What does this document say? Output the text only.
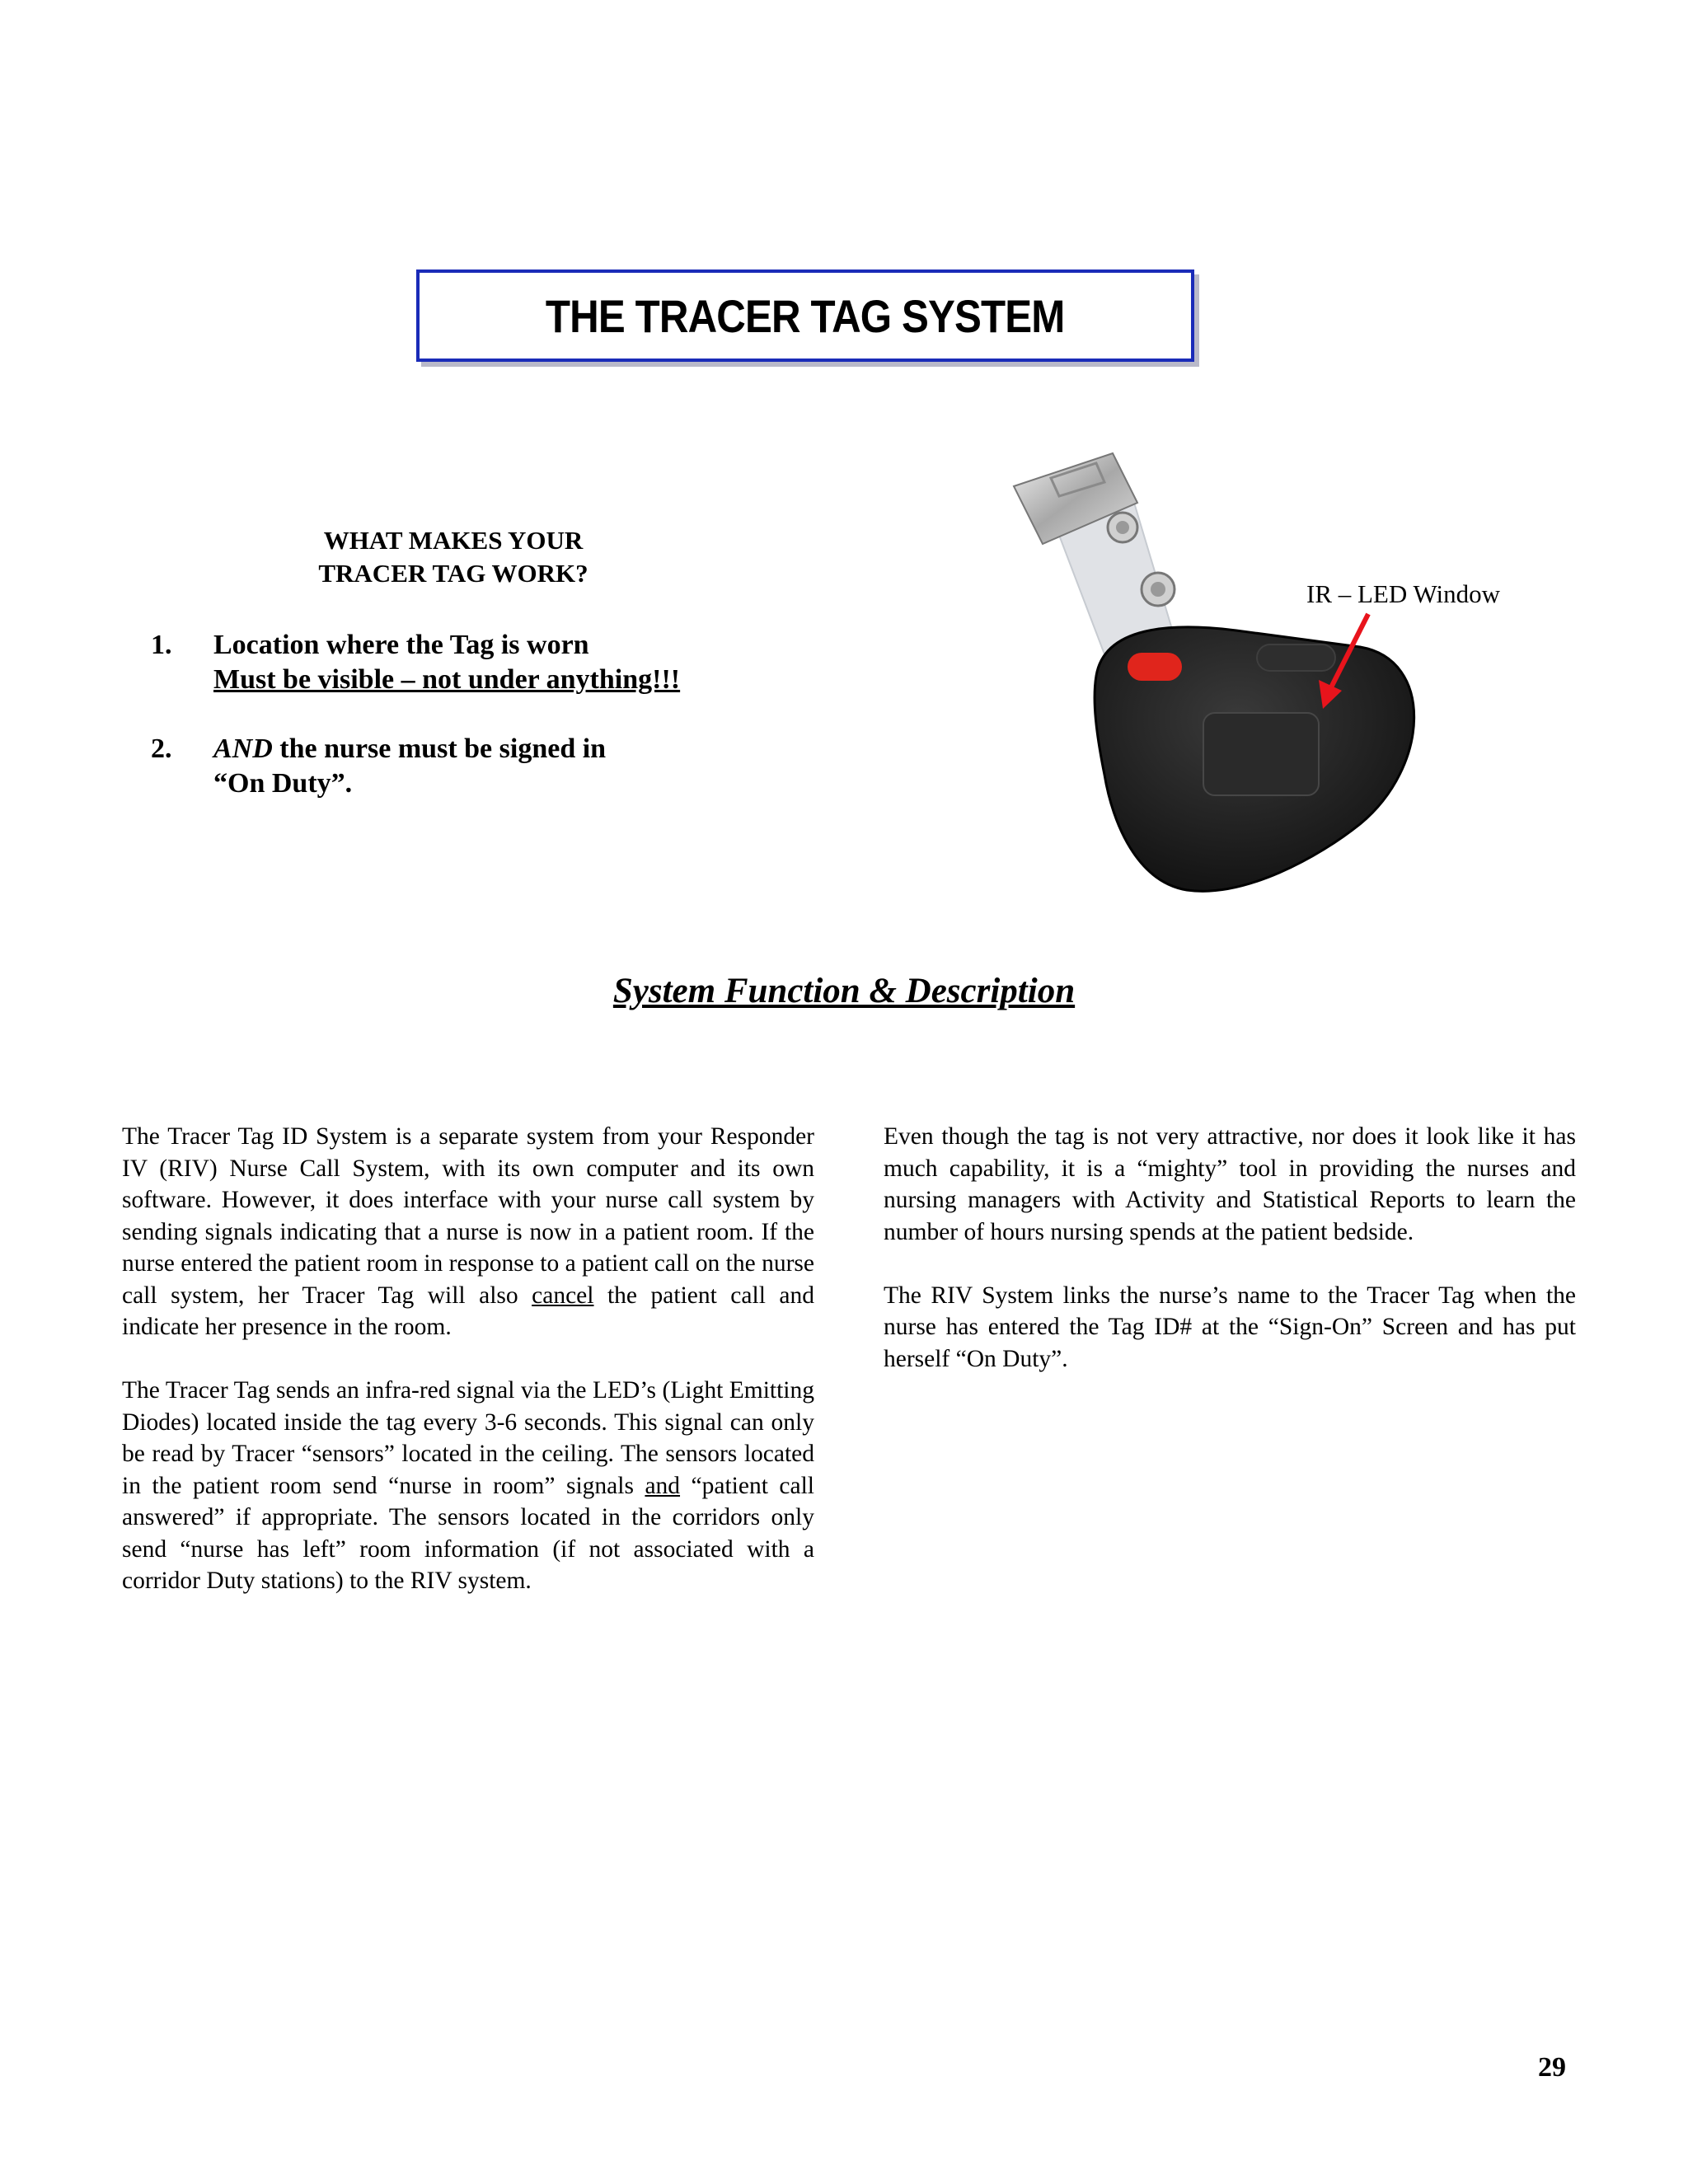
THE TRACER TAG SYSTEM
WHAT MAKES YOUR
TRACER TAG WORK?
1. Location where the Tag is worn
Must be visible – not under anything!!!
2. AND the nurse must be signed in
“On Duty”.
IR – LED Window
System Function & Description

The Tracer Tag ID System is a separate system from your Responder IV (RIV) Nurse Call System, with its own computer and its own software. However, it does interface with your nurse call system by sending signals indicating that a nurse is now in a patient room. If the nurse entered the patient room in response to a patient call on the nurse call system, her Tracer Tag will also cancel the patient call and indicate her presence in the room.

The Tracer Tag sends an infra-red signal via the LED’s (Light Emitting Diodes) located inside the tag every 3-6 seconds. This signal can only be read by Tracer “sensors” located in the ceiling. The sensors located in the patient room send “nurse in room” signals and “patient call answered” if appropriate. The sensors located in the corridors only send “nurse has left” room information (if not associated with a corridor Duty stations) to the RIV system.

Even though the tag is not very attractive, nor does it look like it has much capability, it is a “mighty” tool in providing the nurses and nursing managers with Activity and Statistical Reports to learn the number of hours nursing spends at the patient bedside.

The RIV System links the nurse’s name to the Tracer Tag when the nurse has entered the Tag ID# at the “Sign-On” Screen and has put herself “On Duty”.

29
